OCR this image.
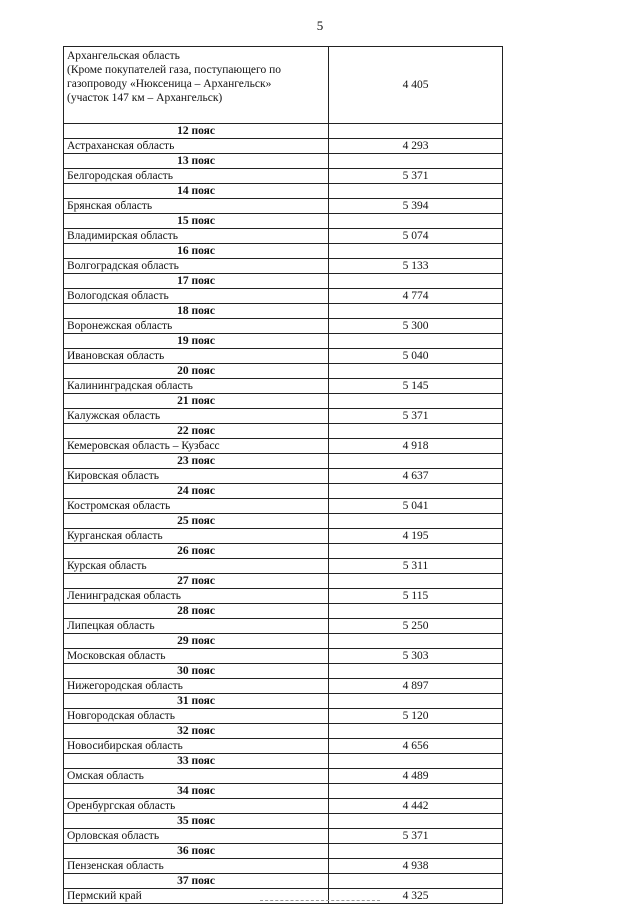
5
Архангельская область
(Кроме покупателей газа, поступающего по
газопроводу «Нюксеница – Архангельск»
(участок 147 км – Архангельск)	4 405
12 пояс	
Астраханская область	4 293
13 пояс	
Белгородская область	5 371
14 пояс	
Брянская область	5 394
15 пояс	
Владимирская область	5 074
16 пояс	
Волгоградская область	5 133
17 пояс	
Вологодская область	4 774
18 пояс	
Воронежская область	5 300
19 пояс	
Ивановская область	5 040
20 пояс	
Калининградская область	5 145
21 пояс	
Калужская область	5 371
22 пояс	
Кемеровская область – Кузбасс	4 918
23 пояс	
Кировская область	4 637
24 пояс	
Костромская область	5 041
25 пояс	
Курганская область	4 195
26 пояс	
Курская область	5 311
27 пояс	
Ленинградская область	5 115
28 пояс	
Липецкая область	5 250
29 пояс	
Московская область	5 303
30 пояс	
Нижегородская область	4 897
31 пояс	
Новгородская область	5 120
32 пояс	
Новосибирская область	4 656
33 пояс	
Омская область	4 489
34 пояс	
Оренбургская область	4 442
35 пояс	
Орловская область	5 371
36 пояс	
Пензенская область	4 938
37 пояс	
Пермский край	4 325
